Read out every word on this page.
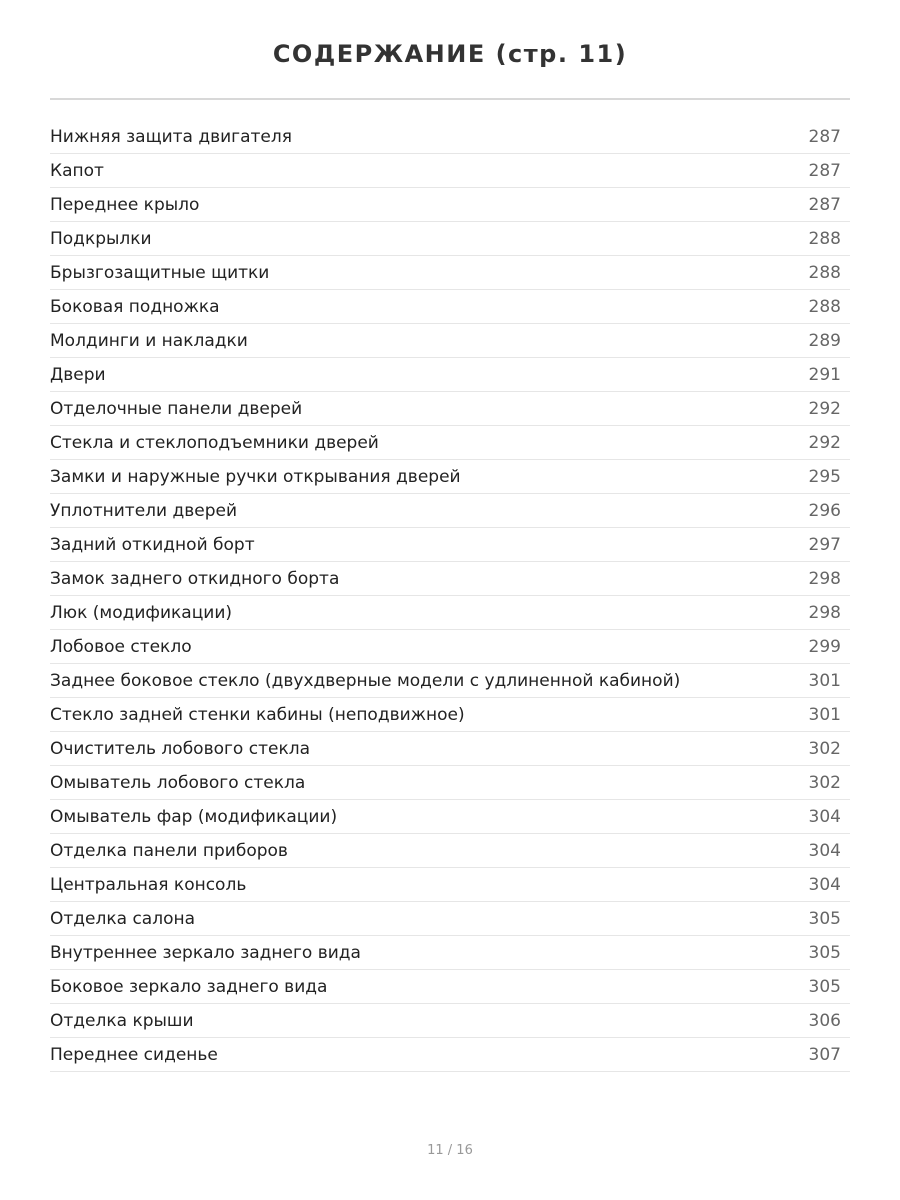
СОДЕРЖАНИЕ (стр. 11)
Нижняя защита двигателя	287
Капот	287
Переднее крыло	287
Подкрылки	288
Брызгозащитные щитки	288
Боковая подножка	288
Молдинги и накладки	289
Двери	291
Отделочные панели дверей	292
Стекла и стеклоподъемники дверей	292
Замки и наружные ручки открывания дверей	295
Уплотнители дверей	296
Задний откидной борт	297
Замок заднего откидного борта	298
Люк (модификации)	298
Лобовое стекло	299
Заднее боковое стекло (двухдверные модели с удлиненной кабиной)	301
Стекло задней стенки кабины (неподвижное)	301
Очиститель лобового стекла	302
Омыватель лобового стекла	302
Омыватель фар (модификации)	304
Отделка панели приборов	304
Центральная консоль	304
Отделка салона	305
Внутреннее зеркало заднего вида	305
Боковое зеркало заднего вида	305
Отделка крыши	306
Переднее сиденье	307
11 / 16
